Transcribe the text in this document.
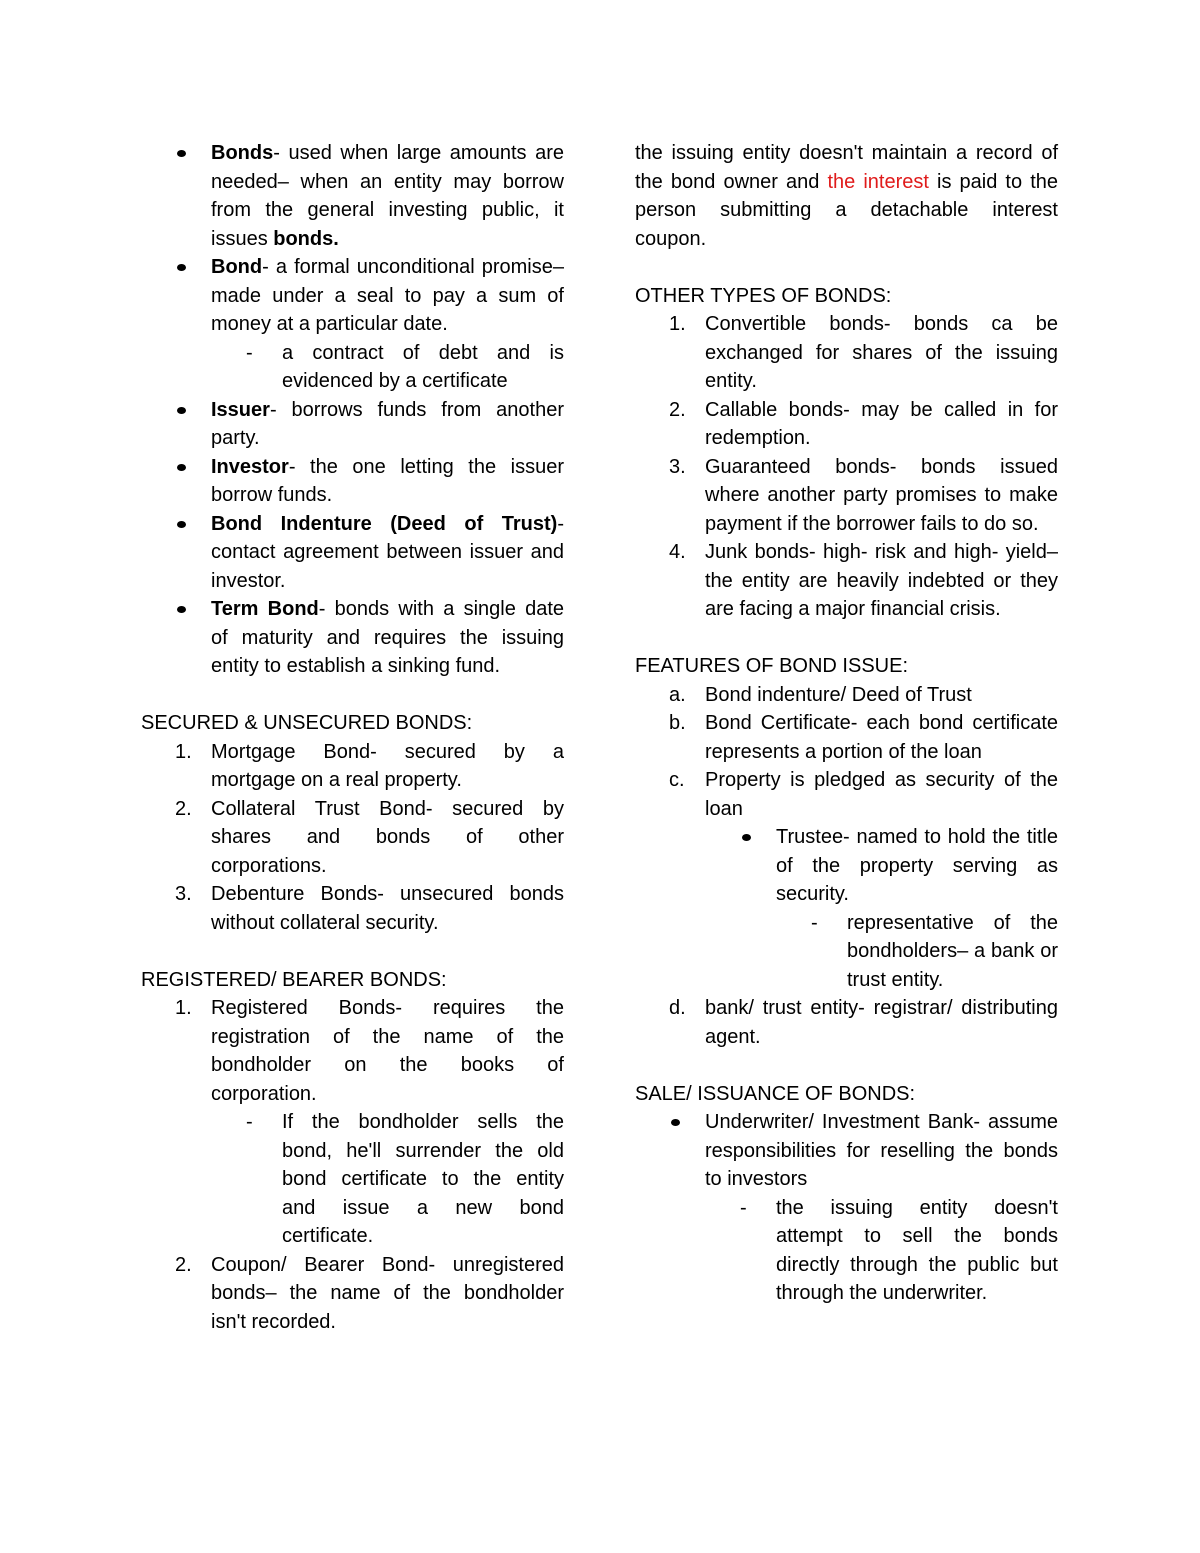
Bonds- used when large amounts are needed– when an entity may borrow from the general investing public, it issues bonds.
Bond- a formal unconditional promise– made under a seal to pay a sum of money at a particular date.
- a contract of debt and is evidenced by a certificate
Issuer- borrows funds from another party.
Investor- the one letting the issuer borrow funds.
Bond Indenture (Deed of Trust)- contact agreement between issuer and investor.
Term Bond- bonds with a single date of maturity and requires the issuing entity to establish a sinking fund.

SECURED & UNSECURED BONDS:

1. Mortgage Bond- secured by a mortgage on a real property.
2. Collateral Trust Bond- secured by shares and bonds of other corporations.
3. Debenture Bonds- unsecured bonds without collateral security.

REGISTERED/ BEARER BONDS:

1. Registered Bonds- requires the registration of the name of the bondholder on the books of corporation.
- If the bondholder sells the bond, he'll surrender the old bond certificate to the entity and issue a new bond certificate.
2. Coupon/ Bearer Bond- unregistered bonds– the name of the bondholder isn't recorded.

the issuing entity doesn't maintain a record of the bond owner and the interest is paid to the person submitting a detachable interest coupon.

OTHER TYPES OF BONDS:

1. Convertible bonds- bonds ca be exchanged for shares of the issuing entity.
2. Callable bonds- may be called in for redemption.
3. Guaranteed bonds- bonds issued where another party promises to make payment if the borrower fails to do so.
4. Junk bonds- high- risk and high- yield– the entity are heavily indebted or they are facing a major financial crisis.

FEATURES OF BOND ISSUE:

a. Bond indenture/ Deed of Trust
b. Bond Certificate- each bond certificate represents a portion of the loan
c. Property is pledged as security of the loan
Trustee- named to hold the title of the property serving as security.
- representative of the bondholders– a bank or trust entity.
d. bank/ trust entity- registrar/ distributing agent.

SALE/ ISSUANCE OF BONDS:

Underwriter/ Investment Bank- assume responsibilities for reselling the bonds to investors
- the issuing entity doesn't attempt to sell the bonds directly through the public but through the underwriter.
